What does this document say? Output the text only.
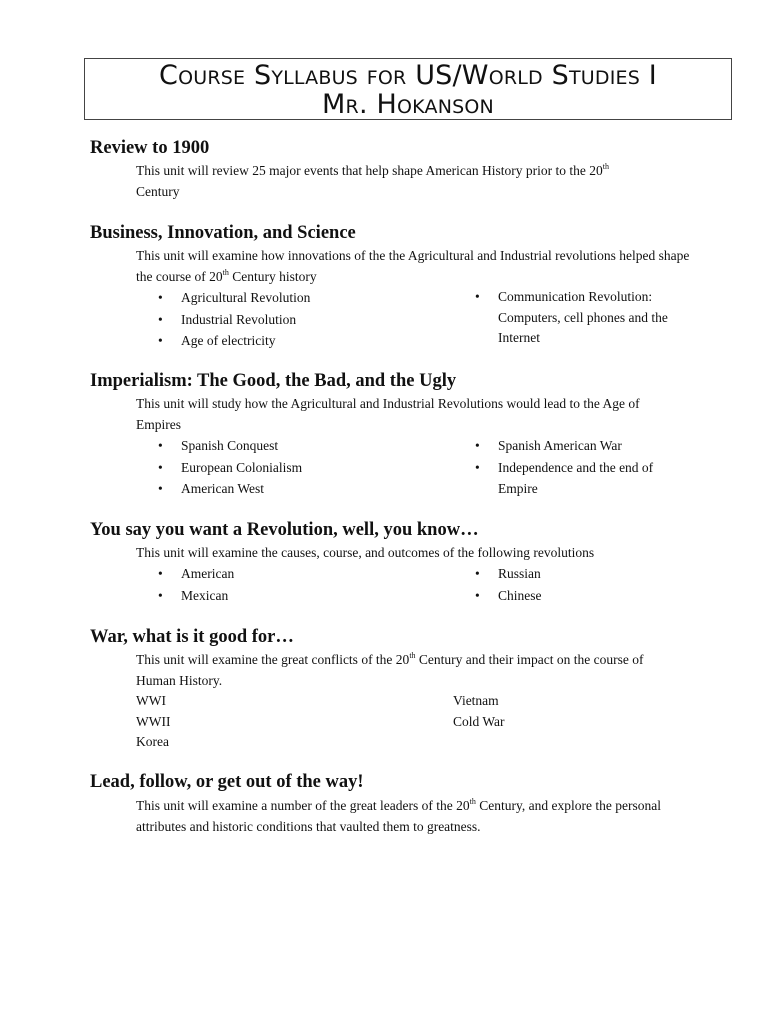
Course Syllabus for US/World Studies I
Mr. Hokanson
Review to 1900

This unit will review 25 major events that help shape American History prior to the 20th
Century

Business, Innovation, and Science

This unit will examine how innovations of the the Agricultural and Industrial revolutions helped shape the course of 20th Century history

• Agricultural Revolution
• Industrial Revolution
• Age of electricity
• Communication Revolution: Computers, cell phones and the Internet
Imperialism: The Good, the Bad, and the Ugly

This unit will study how the Agricultural and Industrial Revolutions would lead to the Age of Empires

• Spanish Conquest
• European Colonialism
• American West
• Spanish American War
• Independence and the end of Empire
You say you want a Revolution, well, you know…

This unit will examine the causes, course, and outcomes of the following revolutions

• American
• Mexican
• Russian
• Chinese
War, what is it good for…

This unit will examine the great conflicts of the 20th Century and their impact on the course of Human History.

WWI
WWII
Korea
Vietnam
Cold War
Lead, follow, or get out of the way!

This unit will examine a number of the great leaders of the 20th Century, and explore the personal attributes and historic conditions that vaulted them to greatness.
